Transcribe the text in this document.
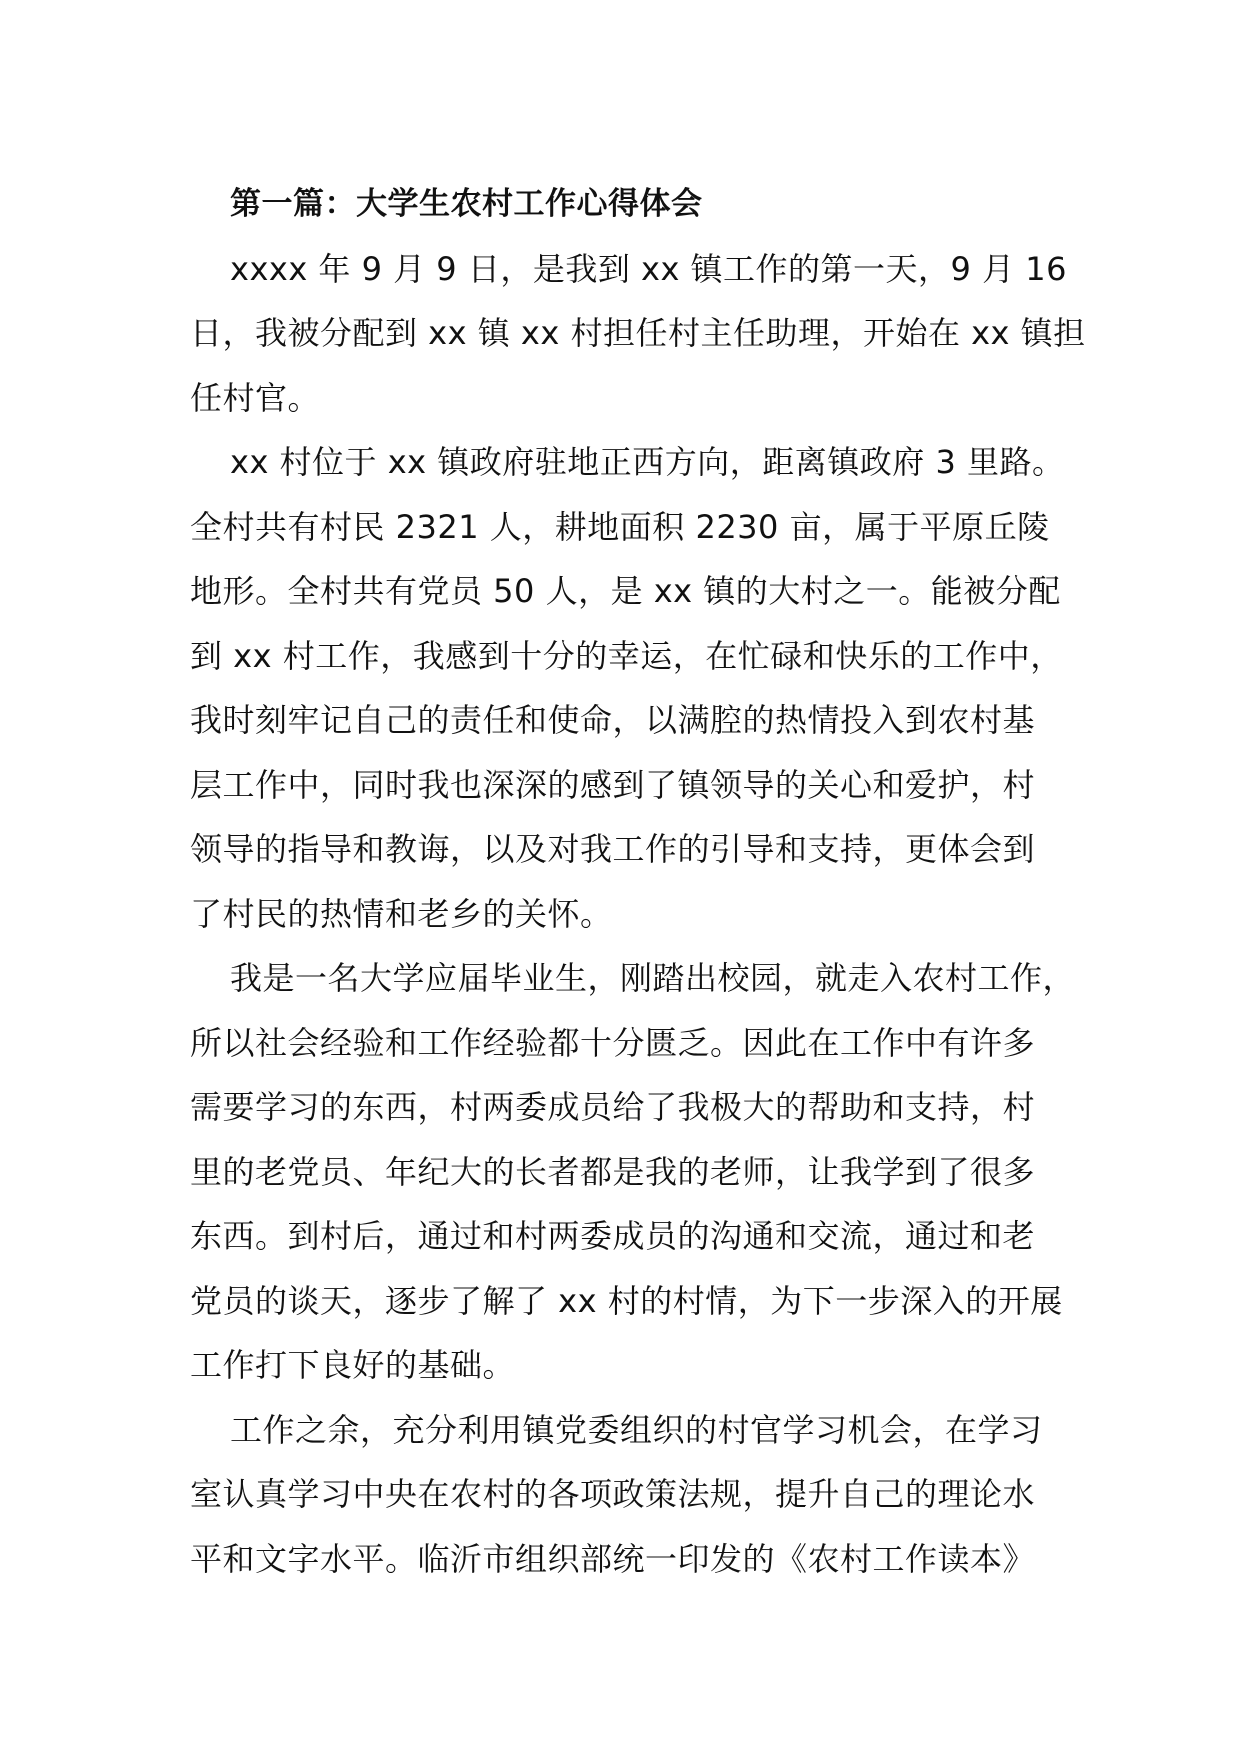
第一篇：大学生农村工作心得体会
xxxx 年 9 月 9 日，是我到 xx 镇工作的第一天，9 月 16
日，我被分配到 xx 镇 xx 村担任村主任助理，开始在 xx 镇担
任村官。
xx 村位于 xx 镇政府驻地正西方向，距离镇政府 3 里路。
全村共有村民 2321 人，耕地面积 2230 亩，属于平原丘陵
地形。全村共有党员 50 人，是 xx 镇的大村之一。能被分配
到 xx 村工作，我感到十分的幸运，在忙碌和快乐的工作中，
我时刻牢记自己的责任和使命，以满腔的热情投入到农村基
层工作中，同时我也深深的感到了镇领导的关心和爱护，村
领导的指导和教诲，以及对我工作的引导和支持，更体会到
了村民的热情和老乡的关怀。
我是一名大学应届毕业生，刚踏出校园，就走入农村工作，
所以社会经验和工作经验都十分匮乏。因此在工作中有许多
需要学习的东西，村两委成员给了我极大的帮助和支持，村
里的老党员、年纪大的长者都是我的老师，让我学到了很多
东西。到村后，通过和村两委成员的沟通和交流，通过和老
党员的谈天，逐步了解了 xx 村的村情，为下一步深入的开展
工作打下良好的基础。
工作之余，充分利用镇党委组织的村官学习机会，在学习
室认真学习中央在农村的各项政策法规，提升自己的理论水
平和文字水平。临沂市组织部统一印发的《农村工作读本》
